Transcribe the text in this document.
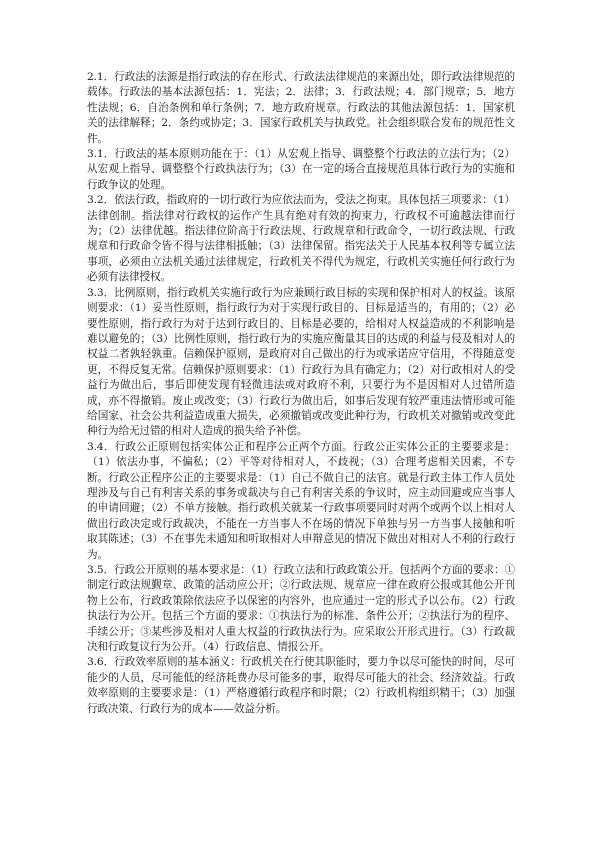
2.1．行政法的法源是指行政法的存在形式、行政法法律规范的来源出处，即行政法律规范的载体。行政法的基本法源包括：1．宪法；2．法律；3．行政法规；4．部门规章；5．地方性法规；6．自治条例和单行条例；7．地方政府规章。行政法的其他法源包括：1．国家机关的法律解释；2．条约或协定；3．国家行政机关与执政党。社会组织联合发布的规范性文件。

3.1．行政法的基本原则功能在于：（1）从宏观上指导、调整整个行政法的立法行为；（2）从宏观上指导、调整整个行政执法行为；（3）在一定的场合直接规范具体行政行为的实施和行政争议的处理。

3.2．依法行政，指政府的一切行政行为应依法而为，受法之拘束。具体包括三项要求：（1）法律创制。指法律对行政权的运作产生具有绝对有效的拘束力，行政权不可逾越法律而行为；（2）法律优越。指法律位阶高于行政法规、行政规章和行政命令，一切行政法规、行政规章和行政命令皆不得与法律相抵触；（3）法律保留。指宪法关于人民基本权利等专属立法事项，必须由立法机关通过法律规定，行政机关不得代为规定，行政机关实施任何行政行为必须有法律授权。

3.3．比例原则，指行政机关实施行政行为应兼顾行政目标的实现和保护相对人的权益。该原则要求：（1）妥当性原则，指行政行为对于实现行政目的、目标是适当的，有用的；（2）必要性原则，指行政行为对于达到行政目的、目标是必要的，给相对人权益造成的不利影响是难以避免的；（3）比例性原则，指行政行为的实施应衡量其目的达成的利益与侵及相对人的权益二者孰轻孰重。信赖保护原则，是政府对自己做出的行为或承诺应守信用，不得随意变更，不得反复无常。信赖保护原则要求：（1）行政行为具有确定力；（2）对行政相对人的受益行为做出后，事后即使发现有轻微违法或对政府不利，只要行为不是因相对人过错所造成，亦不得撤销。废止或改变；（3）行政行为做出后，如事后发现有较严重违法情形或可能给国家、社会公共利益造成重大损失，必须撤销或改变此种行为，行政机关对撤销或改变此种行为给无过错的相对人造成的损失给予补偿。

3.4．行政公正原则包括实体公正和程序公正两个方面。行政公正实体公正的主要要求是：（1）依法办事，不偏私；（2）平等对待相对人，不歧视；（3）合理考虑相关因素，不专断。行政公正程序公正的主要要求是：（1）自己不做自己的法官。就是行政主体工作人员处理涉及与自己有利害关系的事务或裁决与自己有利害关系的争议时，应主动回避或应当事人的申请回避；（2）不单方接触。指行政机关就某一行政事项要同时对两个或两个以上相对人做出行政决定或行政裁决，不能在一方当事人不在场的情况下单独与另一方当事人接触和听取其陈述；（3）不在事先未通知和听取相对人申辩意见的情况下做出对相对人不利的行政行为。

3.5．行政公开原则的基本要求是：（1）行政立法和行政政策公开。包括两个方面的要求：①制定行政法规觐章、政策的活动应公开；②行政法规、规章应一律在政府公报或其他公开刊物上公布，行政政策除依法应予以保密的内容外，也应通过一定的形式予以公布。（2）行政执法行为公开。包括三个方面的要求：①执法行为的标准、条件公开；②执法行为的程序、手续公开；③某些涉及相对人重大权益的行政执法行为。应采取公开形式进行。（3）行政裁决和行政复议行为公开。（4）行政信息、情报公开。

3.6．行政效率原则的基本涵义：行政机关在行使其职能时，要力争以尽可能快的时间，尽可能少的人员，尽可能低的经济耗费办尽可能多的事，取得尽可能大的社会、经济效益。行政效率原则的主要要求是：（1）严格遵循行政程序和时限；（2）行政机构组织精干；（3）加强行政决策、行政行为的成本——效益分析。
